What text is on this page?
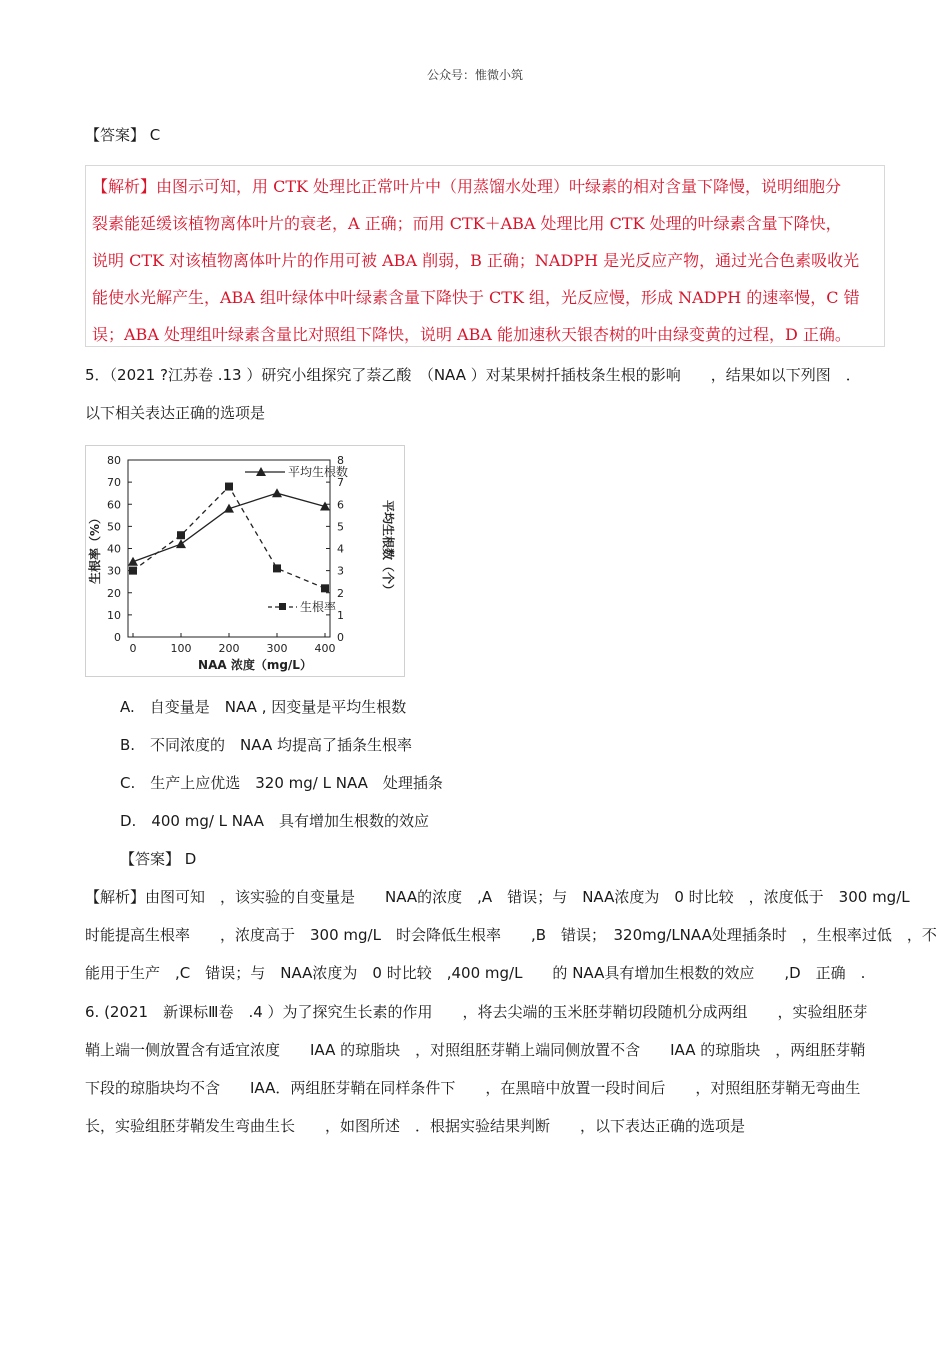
公众号：惟微小筑
【答案】 C
【解析】由图示可知，用 CTK 处理比正常叶片中（用蒸馏水处理）叶绿素的相对含量下降慢，说明细胞分
裂素能延缓该植物离体叶片的衰老，A 正确；而用 CTK＋ABA 处理比用 CTK 处理的叶绿素含量下降快，
说明 CTK 对该植物离体叶片的作用可被 ABA 削弱，B 正确；NADPH 是光反应产物，通过光合色素吸收光
能使水光解产生，ABA 组叶绿体中叶绿素含量下降快于 CTK 组，光反应慢，形成 NADPH 的速率慢，C 错
误；ABA 处理组叶绿素含量比对照组下降快，说明 ABA 能加速秋天银杏树的叶由绿变黄的过程，D 正确。
5．（2021 ?江苏卷 .13 ）研究小组探究了萘乙酸　（NAA ）对某果树扦插枝条生根的影响　　，结果如以下列图　．
以下相关表达正确的选项是
0
10
20
30
40
50
60
70
80
0
1
2
3
4
5
6
7
8
0	100 200 300 400
平均生根数
生根率
生根率（%）	平均生根数（个）
NAA 浓度（mg/L）
A.　自变量是　NAA , 因变量是平均生根数
B.　不同浓度的　NAA 均提高了插条生根率
C.　生产上应优选　320 mg/ L NAA　处理插条
D.　400 mg/ L NAA　具有增加生根数的效应
【答案】 D
【解析】由图可知　，该实验的自变量是　　NAA的浓度　,A　错误；与　NAA浓度为　0 时比较　，浓度低于　300 mg/L
时能提高生根率　　，浓度高于　300 mg/L　时会降低生根率　　,B　错误；　320mg/LNAA处理插条时　，生根率过低　，不
能用于生产　,C　错误；与　NAA浓度为　0 时比较　,400 mg/L　　的 NAA具有增加生根数的效应　　,D　正确　.
6. (2021　新课标Ⅲ卷　.4 ）为了探究生长素的作用　　，将去尖端的玉米胚芽鞘切段随机分成两组　　，实验组胚芽
鞘上端一侧放置含有适宜浓度　　IAA 的琼脂块　，对照组胚芽鞘上端同侧放置不含　　IAA 的琼脂块　，两组胚芽鞘
下段的琼脂块均不含　　IAA．两组胚芽鞘在同样条件下　　，在黑暗中放置一段时间后　　，对照组胚芽鞘无弯曲生
长，实验组胚芽鞘发生弯曲生长　　，如图所述　．根据实验结果判断　　，以下表达正确的选项是
